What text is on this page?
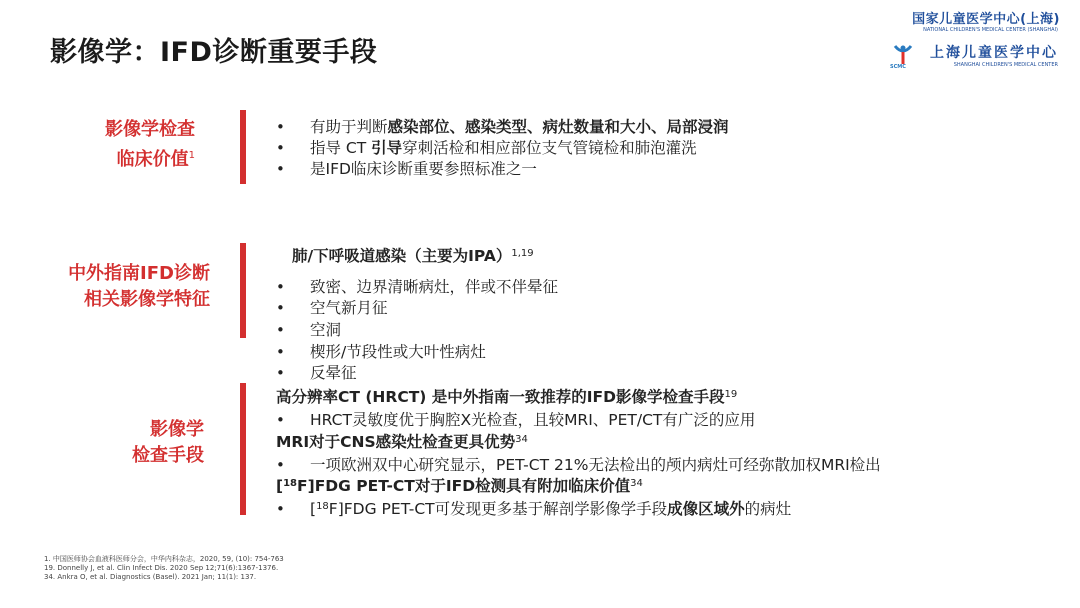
影像学：IFD诊断重要手段
国家儿童医学中心(上海)
NATIONAL CHILDREN'S MEDICAL CENTER (SHANGHAI)
上海儿童医学中心
SHANGHAI CHILDREN'S MEDICAL CENTER
SCMC
影像学检查
临床价值$^1$
• 有助于判断感染部位、感染类型、病灶数量和大小、局部浸润
• 指导 CT 引导穿刺活检和相应部位支气管镜检和肺泡灌洗
• 是IFD临床诊断重要参照标准之一
中外指南IFD诊断
相关影像学特征
肺/下呼吸道感染（主要为IPA）$^{1,19}$
• 致密、边界清晰病灶，伴或不伴晕征
• 空气新月征
• 空洞
• 楔形/节段性或大叶性病灶
• 反晕征
影像学
检查手段
高分辨率CT (HRCT) 是中外指南一致推荐的IFD影像学检查手段$^{19}$
• HRCT灵敏度优于胸腔X光检查，且较MRI、PET/CT有广泛的应用
MRI对于CNS感染灶检查更具优势$^{34}$
• 一项欧洲双中心研究显示，PET-CT 21%无法检出的颅内病灶可经弥散加权MRI检出
[$^{18}$F]FDG PET-CT对于IFD检测具有附加临床价值$^{34}$
• [$^{18}$F]FDG PET-CT可发现更多基于解剖学影像学手段成像区域外的病灶
1. 中国医师协会血液科医师分会，中华内科杂志，2020, 59, (10): 754-763
19. Donnelly J, et al. Clin Infect Dis. 2020 Sep 12;71(6):1367-1376.
34. Ankra O, et al. Diagnostics (Basel). 2021 Jan; 11(1): 137.
